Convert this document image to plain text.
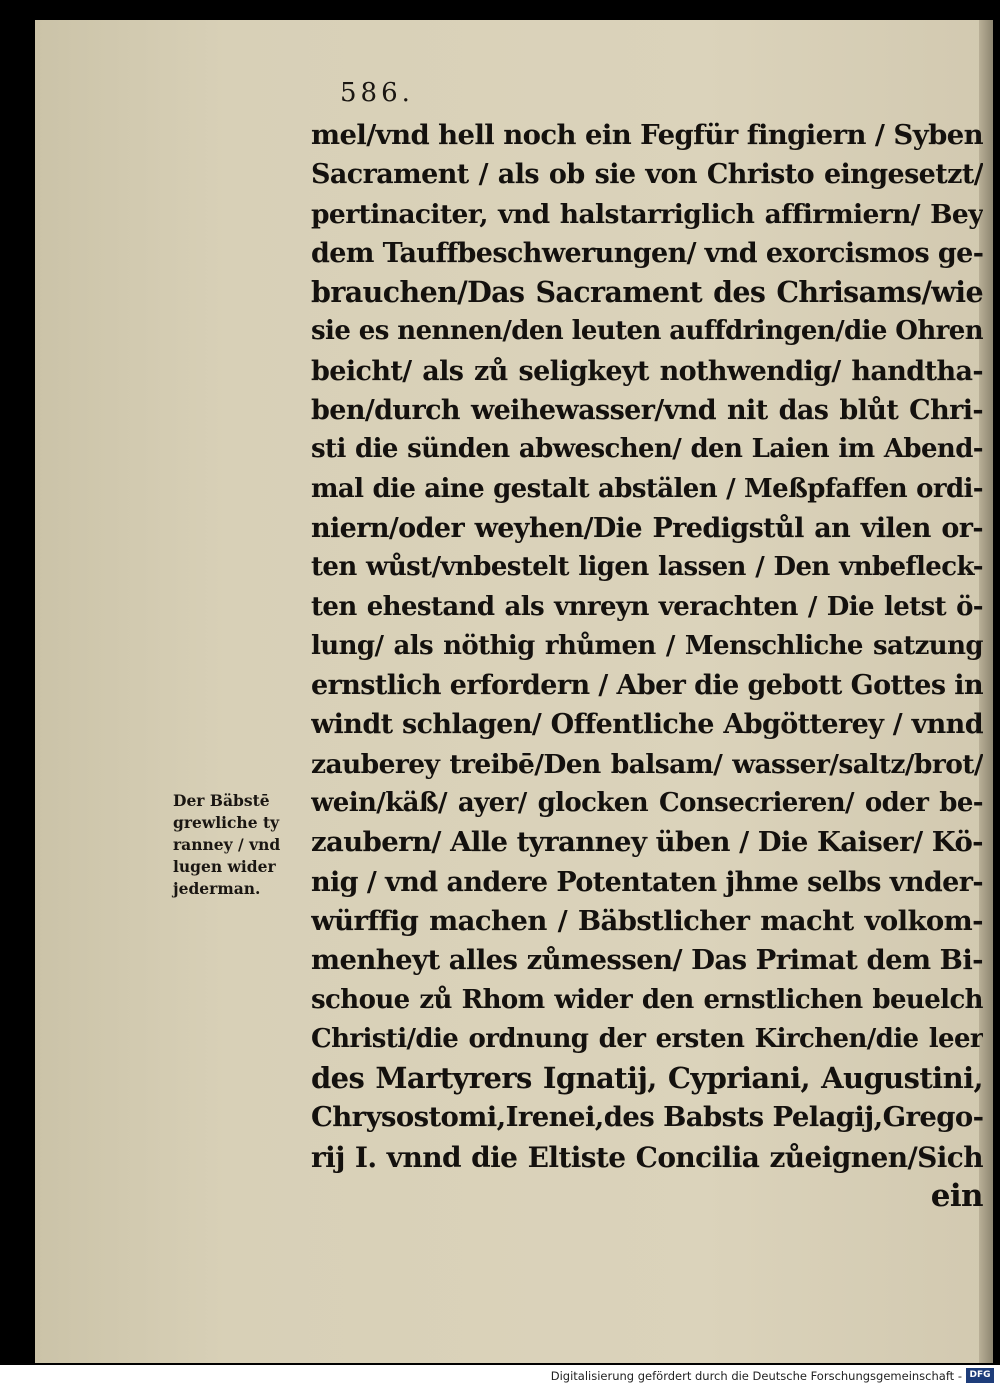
586.
mel/vnd hell noch ein Fegfür fingiern / Syben
Sacrament / als ob sie von Christo eingesetzt/
pertinaciter, vnd halstarriglich affirmiern/ Bey
dem Tauffbeschwerungen/ vnd exorcismos ge-
brauchen/Das Sacrament des Chrisams/wie
sie es nennen/den leuten auffdringen/die Ohren
beicht/ als zů seligkeyt nothwendig/ handtha-
ben/durch weihewasser/vnd nit das blůt Chri-
sti die sünden abweschen/ den Laien im Abend-
mal die aine gestalt abstälen / Meßpfaffen ordi-
niern/oder weyhen/Die Predigstůl an vilen or-
ten wůst/vnbestelt ligen lassen / Den vnbefleck-
ten ehestand als vnreyn verachten / Die letst ö-
lung/ als nöthig rhůmen / Menschliche satzung
ernstlich erfordern / Aber die gebott Gottes in
windt schlagen/ Offentliche Abgötterey / vnnd
zauberey treibē/Den balsam/ wasser/saltz/brot/
wein/käß/ ayer/ glocken Consecrieren/ oder be-
zaubern/ Alle tyranney üben / Die Kaiser/ Kö-
nig / vnd andere Potentaten jhme selbs vnder-
würffig machen / Bäbstlicher macht volkom-
menheyt alles zůmessen/ Das Primat dem Bi-
schoue zů Rhom wider den ernstlichen beuelch
Christi/die ordnung der ersten Kirchen/die leer
des Martyrers Ignatij, Cypriani, Augustini,
Chrysostomi,Irenei,des Babsts Pelagij,Grego-
rij I. vnnd die Eltiste Concilia zůeignen/Sich
ein
Der Bäbstē
grewliche ty
ranney / vnd
lugen wider
jederman.
Digitalisierung gefördert durch die Deutsche Forschungsgemeinschaft - DFG
